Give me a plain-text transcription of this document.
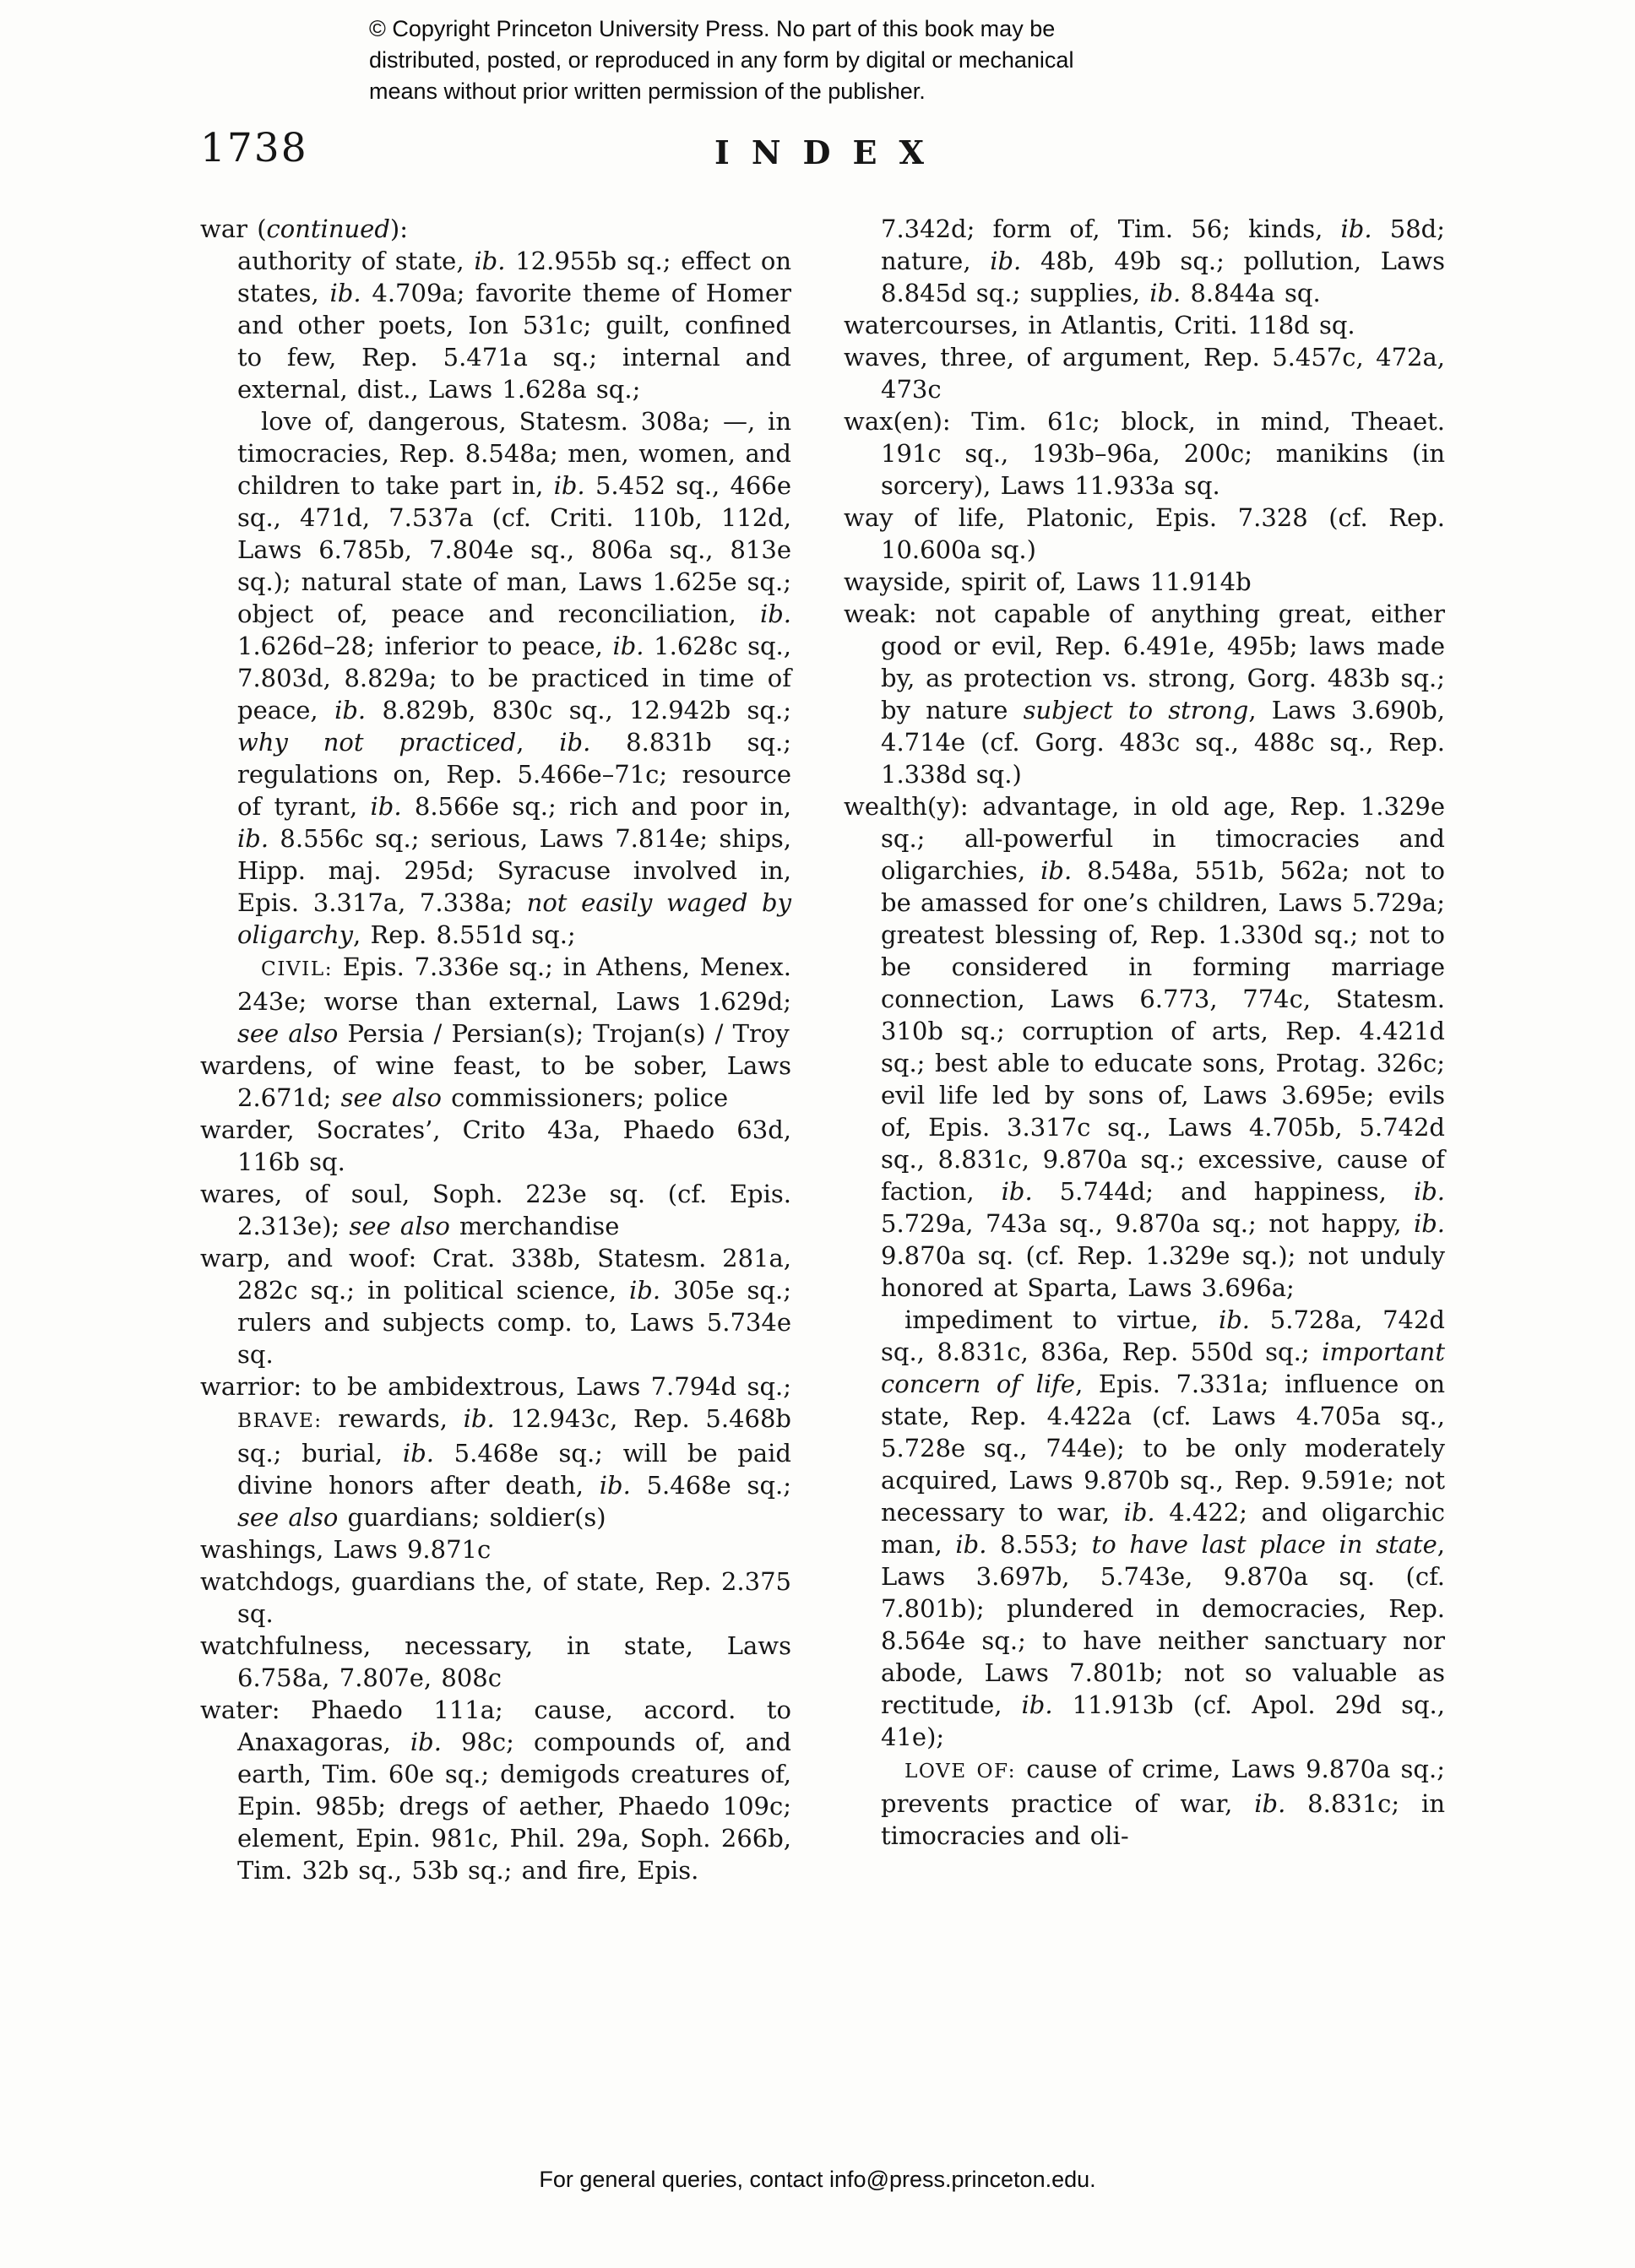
© Copyright Princeton University Press. No part of this book may be
distributed, posted, or reproduced in any form by digital or mechanical
means without prior written permission of the publisher.
1738	INDEX
war (continued):
authority of state, ib. 12.955b sq.; effect on states, ib. 4.709a; favorite theme of Homer and other poets, Ion 531c; guilt, confined to few, Rep. 5.471a sq.; internal and external, dist., Laws 1.628a sq.;
love of, dangerous, Statesm. 308a; —, in timocracies, Rep. 8.548a; men, women, and children to take part in, ib. 5.452 sq., 466e sq., 471d, 7.537a (cf. Criti. 110b, 112d, Laws 6.785b, 7.804e sq., 806a sq., 813e sq.); natural state of man, Laws 1.625e sq.; object of, peace and reconciliation, ib. 1.626d–28; inferior to peace, ib. 1.628c sq., 7.803d, 8.829a; to be practiced in time of peace, ib. 8.829b, 830c sq., 12.942b sq.; why not practiced, ib. 8.831b sq.; regulations on, Rep. 5.466e–71c; resource of tyrant, ib. 8.566e sq.; rich and poor in, ib. 8.556c sq.; serious, Laws 7.814e; ships, Hipp. maj. 295d; Syracuse involved in, Epis. 3.317a, 7.338a; not easily waged by oligarchy, Rep. 8.551d sq.;
CIVIL: Epis. 7.336e sq.; in Athens, Menex. 243e; worse than external, Laws 1.629d; see also Persia / Persian(s); Trojan(s) / Troy
wardens, of wine feast, to be sober, Laws 2.671d; see also commissioners; police
warder, Socrates’, Crito 43a, Phaedo 63d, 116b sq.
wares, of soul, Soph. 223e sq. (cf. Epis. 2.313e); see also merchandise
warp, and woof: Crat. 338b, Statesm. 281a, 282c sq.; in political science, ib. 305e sq.; rulers and subjects comp. to, Laws 5.734e sq.
warrior: to be ambidextrous, Laws 7.794d sq.; BRAVE: rewards, ib. 12.943c, Rep. 5.468b sq.; burial, ib. 5.468e sq.; will be paid divine honors after death, ib. 5.468e sq.; see also guardians; soldier(s)
washings, Laws 9.871c
watchdogs, guardians the, of state, Rep. 2.375 sq.
watchfulness, necessary, in state, Laws 6.758a, 7.807e, 808c
water: Phaedo 111a; cause, accord. to Anaxagoras, ib. 98c; compounds of, and earth, Tim. 60e sq.; demigods creatures of, Epin. 985b; dregs of aether, Phaedo 109c; element, Epin. 981c, Phil. 29a, Soph. 266b, Tim. 32b sq., 53b sq.; and fire, Epis.
7.342d; form of, Tim. 56; kinds, ib. 58d; nature, ib. 48b, 49b sq.; pollution, Laws 8.845d sq.; supplies, ib. 8.844a sq.
watercourses, in Atlantis, Criti. 118d sq.
waves, three, of argument, Rep. 5.457c, 472a, 473c
wax(en): Tim. 61c; block, in mind, Theaet. 191c sq., 193b–96a, 200c; manikins (in sorcery), Laws 11.933a sq.
way of life, Platonic, Epis. 7.328 (cf. Rep. 10.600a sq.)
wayside, spirit of, Laws 11.914b
weak: not capable of anything great, either good or evil, Rep. 6.491e, 495b; laws made by, as protection vs. strong, Gorg. 483b sq.; by nature subject to strong, Laws 3.690b, 4.714e (cf. Gorg. 483c sq., 488c sq., Rep. 1.338d sq.)
wealth(y): advantage, in old age, Rep. 1.329e sq.; all-powerful in timocracies and oligarchies, ib. 8.548a, 551b, 562a; not to be amassed for one’s children, Laws 5.729a; greatest blessing of, Rep. 1.330d sq.; not to be considered in forming marriage connection, Laws 6.773, 774c, Statesm. 310b sq.; corruption of arts, Rep. 4.421d sq.; best able to educate sons, Protag. 326c; evil life led by sons of, Laws 3.695e; evils of, Epis. 3.317c sq., Laws 4.705b, 5.742d sq., 8.831c, 9.870a sq.; excessive, cause of faction, ib. 5.744d; and happiness, ib. 5.729a, 743a sq., 9.870a sq.; not happy, ib. 9.870a sq. (cf. Rep. 1.329e sq.); not unduly honored at Sparta, Laws 3.696a;
impediment to virtue, ib. 5.728a, 742d sq., 8.831c, 836a, Rep. 550d sq.; important concern of life, Epis. 7.331a; influence on state, Rep. 4.422a (cf. Laws 4.705a sq., 5.728e sq., 744e); to be only moderately acquired, Laws 9.870b sq., Rep. 9.591e; not necessary to war, ib. 4.422; and oligarchic man, ib. 8.553; to have last place in state, Laws 3.697b, 5.743e, 9.870a sq. (cf. 7.801b); plundered in democracies, Rep. 8.564e sq.; to have neither sanctuary nor abode, Laws 7.801b; not so valuable as rectitude, ib. 11.913b (cf. Apol. 29d sq., 41e);
LOVE OF: cause of crime, Laws 9.870a sq.; prevents practice of war, ib. 8.831c; in timocracies and oli-
For general queries, contact info@press.princeton.edu.
